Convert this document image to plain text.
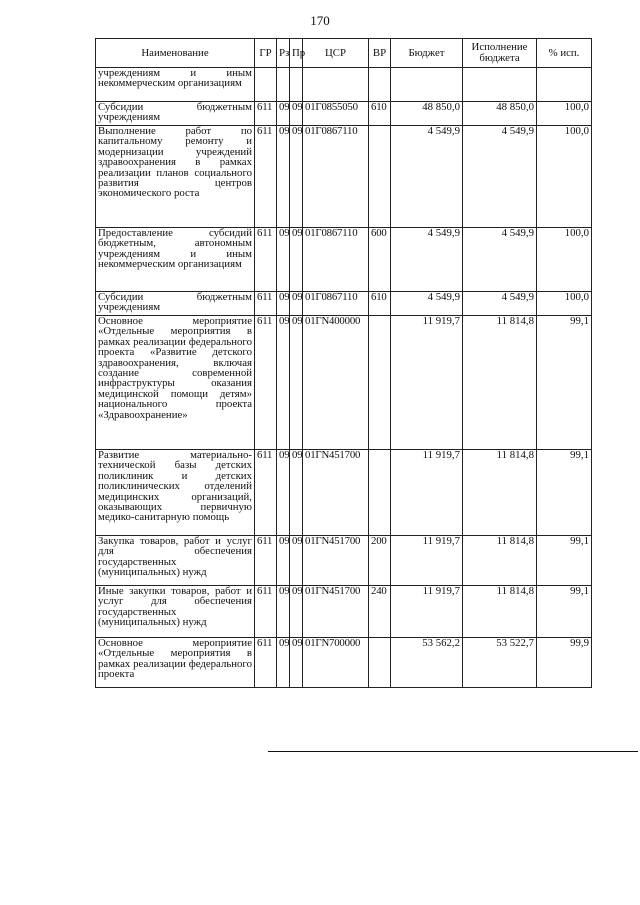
170
Наименование	ГР	Рз	Пр	ЦСР	ВР	Бюджет	Исполнение бюджета	% исп.
учреждениям и иным некоммерческим организациям								
Субсидии бюджетным учреждениям	611	09	09	01Г0855050	610	48 850,0	48 850,0	100,0
Выполнение работ по капитальному ремонту и модернизации учреждений здравоохранения в рамках реализации планов социального развития центров экономического роста	611	09	09	01Г0867110		4 549,9	4 549,9	100,0
Предоставление субсидий бюджетным, автономным учреждениям и иным некоммерческим организациям	611	09	09	01Г0867110	600	4 549,9	4 549,9	100,0
Субсидии бюджетным учреждениям	611	09	09	01Г0867110	610	4 549,9	4 549,9	100,0
Основное мероприятие «Отдельные мероприятия в рамках реализации федерального проекта «Развитие детского здравоохранения, включая создание современной инфраструктуры оказания медицинской помощи детям» национального проекта «Здравоохранение»	611	09	09	01ГN400000		11 919,7	11 814,8	99,1
Развитие материально-технической базы детских поликлиник и детских поликлинических отделений медицинских организаций, оказывающих первичную медико-санитарную помощь	611	09	09	01ГN451700		11 919,7	11 814,8	99,1
Закупка товаров, работ и услуг для обеспечения государственных (муниципальных) нужд	611	09	09	01ГN451700	200	11 919,7	11 814,8	99,1
Иные закупки товаров, работ и услуг для обеспечения государственных (муниципальных) нужд	611	09	09	01ГN451700	240	11 919,7	11 814,8	99,1
Основное мероприятие «Отдельные мероприятия в рамках реализации федерального проекта	611	09	09	01ГN700000		53 562,2	53 522,7	99,9
